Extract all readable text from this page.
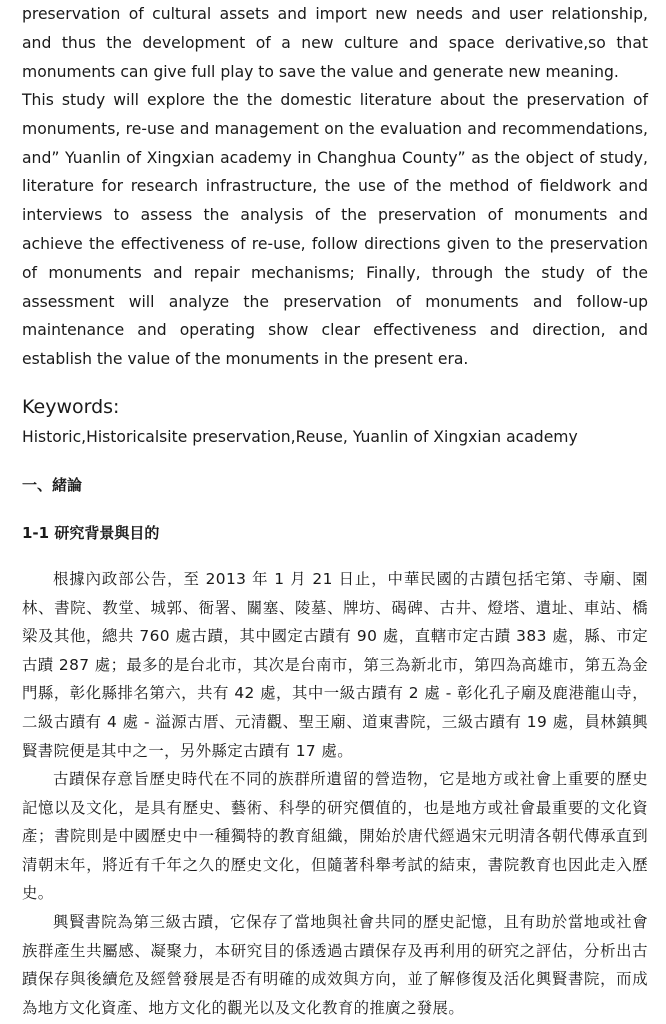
preservation of cultural assets and import new needs and user relationship, and thus the development of a new culture and space derivative,so that monuments can give full play to save the value and generate new meaning.

This study will explore the the domestic literature about the preservation of monuments, re-use and management on the evaluation and recommendations, and” Yuanlin of Xingxian academy in Changhua County” as the object of study, literature for research infrastructure, the use of the method of fieldwork and interviews to assess the analysis of the preservation of monuments and achieve the effectiveness of re-use, follow directions given to the preservation of monuments and repair mechanisms; Finally, through the study of the assessment will analyze the preservation of monuments and follow-up maintenance and operating show clear effectiveness and direction, and establish the value of the monuments in the present era.

Keywords:

Historic,Historicalsite preservation,Reuse, Yuanlin of Xingxian academy

一、緒論
1-1 研究背景與目的

根據內政部公告，至 2013 年 1 月 21 日止，中華民國的古蹟包括宅第、寺廟、園林、書院、教堂、城郭、衙署、關塞、陵墓、牌坊、碣碑、古井、燈塔、遺址、車站、橋梁及其他，總共 760 處古蹟，其中國定古蹟有 90 處，直轄市定古蹟 383 處，縣、市定古蹟 287 處；最多的是台北市，其次是台南市，第三為新北市，第四為高雄市，第五為金門縣，彰化縣排名第六，共有 42 處，其中一級古蹟有 2 處 - 彰化孔子廟及鹿港龍山寺，二級古蹟有 4 處 - 溢源古厝、元清觀、聖王廟、道東書院，三級古蹟有 19 處，員林鎮興賢書院便是其中之一，另外縣定古蹟有 17 處。

古蹟保存意旨歷史時代在不同的族群所遺留的營造物，它是地方或社會上重要的歷史記憶以及文化，是具有歷史、藝術、科學的研究價值的，也是地方或社會最重要的文化資產；書院則是中國歷史中一種獨特的教育組織，開始於唐代經過宋元明清各朝代傳承直到清朝末年，將近有千年之久的歷史文化，但隨著科舉考試的結束，書院教育也因此走入歷史。

興賢書院為第三級古蹟，它保存了當地與社會共同的歷史記憶，且有助於當地或社會族群產生共屬感、凝聚力，本研究目的係透過古蹟保存及再利用的研究之評估，分析出古蹟保存與後續危及經營發展是否有明確的成效與方向，並了解修復及活化興賢書院，而成為地方文化資產、地方文化的觀光以及文化教育的推廣之發展。
